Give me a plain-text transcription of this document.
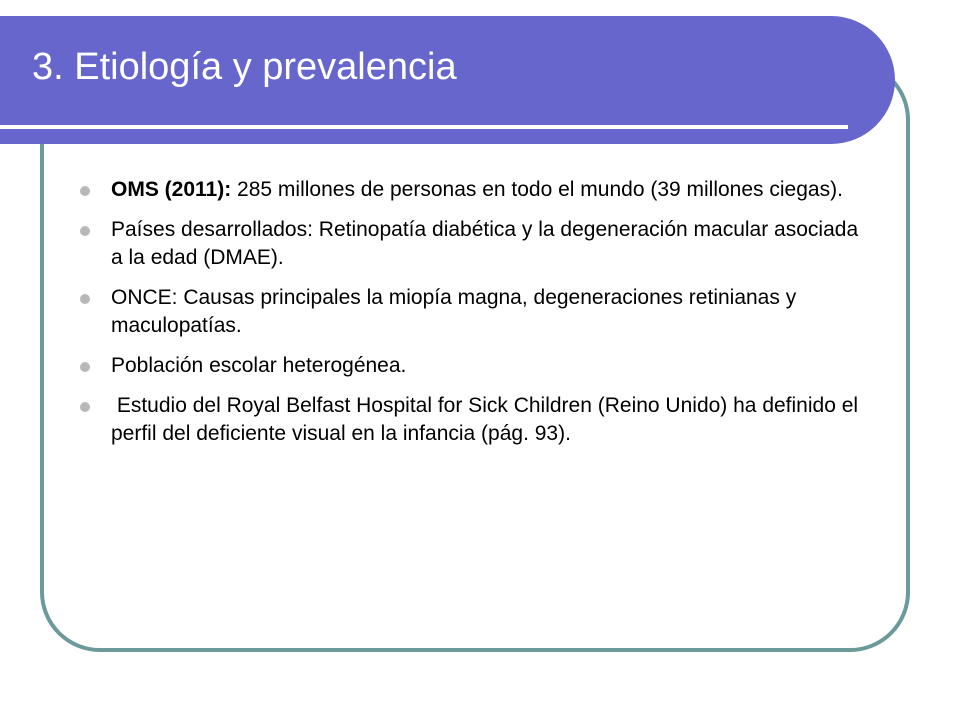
3. Etiología y prevalencia
OMS (2011): 285 millones de personas en todo el mundo (39 millones ciegas).
Países desarrollados: Retinopatía diabética y la degeneración macular asociada a la edad (DMAE).
ONCE: Causas principales la miopía magna, degeneraciones retinianas y maculopatías.
Población escolar heterogénea.
Estudio del Royal Belfast Hospital for Sick Children (Reino Unido) ha definido el perfil del deficiente visual en la infancia (pág. 93).
